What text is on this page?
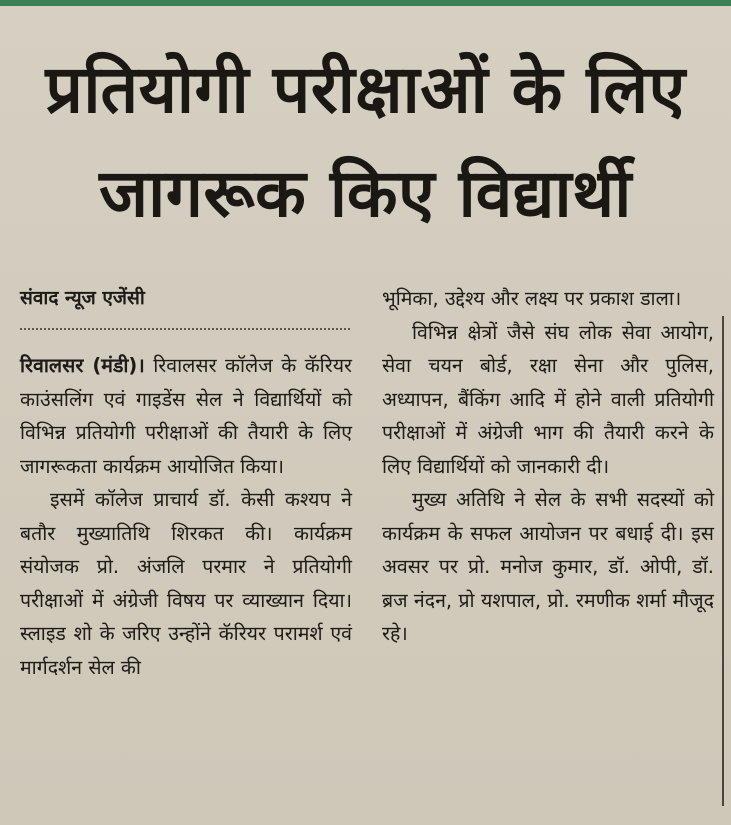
प्रतियोगी परीक्षाओं के लिए
जागरूक किए विद्यार्थी
संवाद न्यूज एजेंसी

रिवालसर (मंडी)। रिवालसर कॉलेज के कॅरियर काउंसलिंग एवं गाइडेंस सेल ने विद्यार्थियों को विभिन्न प्रतियोगी परीक्षाओं की तैयारी के लिए जागरूकता कार्यक्रम आयोजित किया।

इसमें कॉलेज प्राचार्य डॉ. केसी कश्यप ने बतौर मुख्यातिथि शिरकत की। कार्यक्रम संयोजक प्रो. अंजलि परमार ने प्रतियोगी परीक्षाओं में अंग्रेजी विषय पर व्याख्यान दिया। स्लाइड शो के जरिए उन्होंने कॅरियर परामर्श एवं मार्गदर्शन सेल की

भूमिका, उद्देश्य और लक्ष्य पर प्रकाश डाला।

विभिन्न क्षेत्रों जैसे संघ लोक सेवा आयोग, सेवा चयन बोर्ड, रक्षा सेना और पुलिस, अध्यापन, बैंकिंग आदि में होने वाली प्रतियोगी परीक्षाओं में अंग्रेजी भाग की तैयारी करने के लिए विद्यार्थियों को जानकारी दी।

मुख्य अतिथि ने सेल के सभी सदस्यों को कार्यक्रम के सफल आयोजन पर बधाई दी। इस अवसर पर प्रो. मनोज कुमार, डॉ. ओपी, डॉ. ब्रज नंदन, प्रो यशपाल, प्रो. रमणीक शर्मा मौजूद रहे।
